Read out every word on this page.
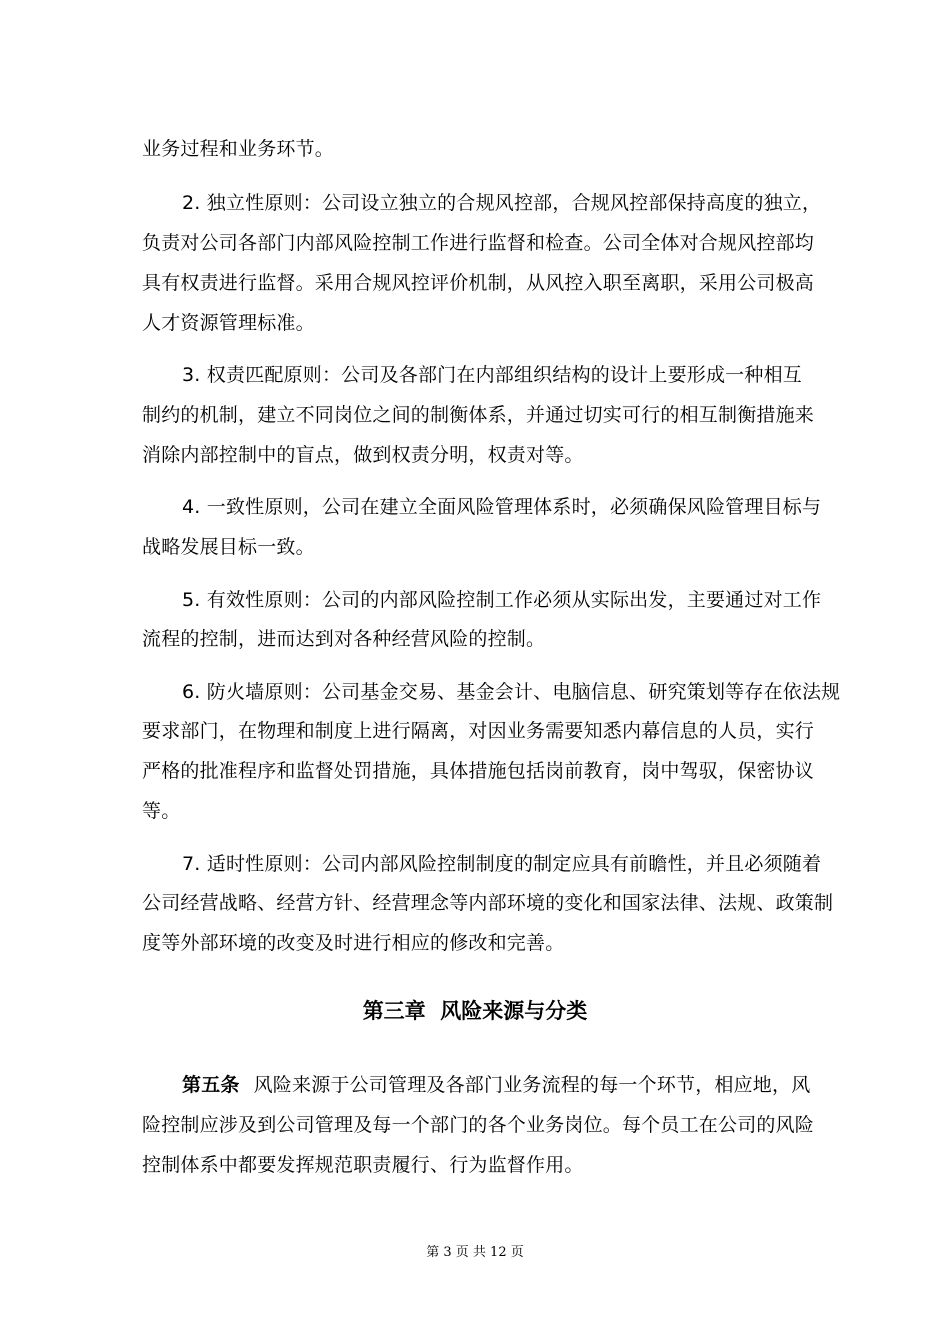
业务过程和业务环节。
2. 独立性原则：公司设立独立的合规风控部，合规风控部保持高度的独立，
负责对公司各部门内部风险控制工作进行监督和检查。公司全体对合规风控部均
具有权责进行监督。采用合规风控评价机制，从风控入职至离职，采用公司极高
人才资源管理标准。
3. 权责匹配原则：公司及各部门在内部组织结构的设计上要形成一种相互
制约的机制，建立不同岗位之间的制衡体系，并通过切实可行的相互制衡措施来
消除内部控制中的盲点，做到权责分明，权责对等。
4. 一致性原则，公司在建立全面风险管理体系时，必须确保风险管理目标与
战略发展目标一致。
5. 有效性原则：公司的内部风险控制工作必须从实际出发，主要通过对工作
流程的控制，进而达到对各种经营风险的控制。
6. 防火墙原则：公司基金交易、基金会计、电脑信息、研究策划等存在依法规
要求部门，在物理和制度上进行隔离，对因业务需要知悉内幕信息的人员，实行
严格的批准程序和监督处罚措施，具体措施包括岗前教育，岗中驾驭，保密协议
等。
7. 适时性原则：公司内部风险控制制度的制定应具有前瞻性，并且必须随着
公司经营战略、经营方针、经营理念等内部环境的变化和国家法律、法规、政策制
度等外部环境的改变及时进行相应的修改和完善。
第三章  风险来源与分类
第五条 风险来源于公司管理及各部门业务流程的每一个环节，相应地，风
险控制应涉及到公司管理及每一个部门的各个业务岗位。每个员工在公司的风险
控制体系中都要发挥规范职责履行、行为监督作用。
第 3 页 共 12 页
